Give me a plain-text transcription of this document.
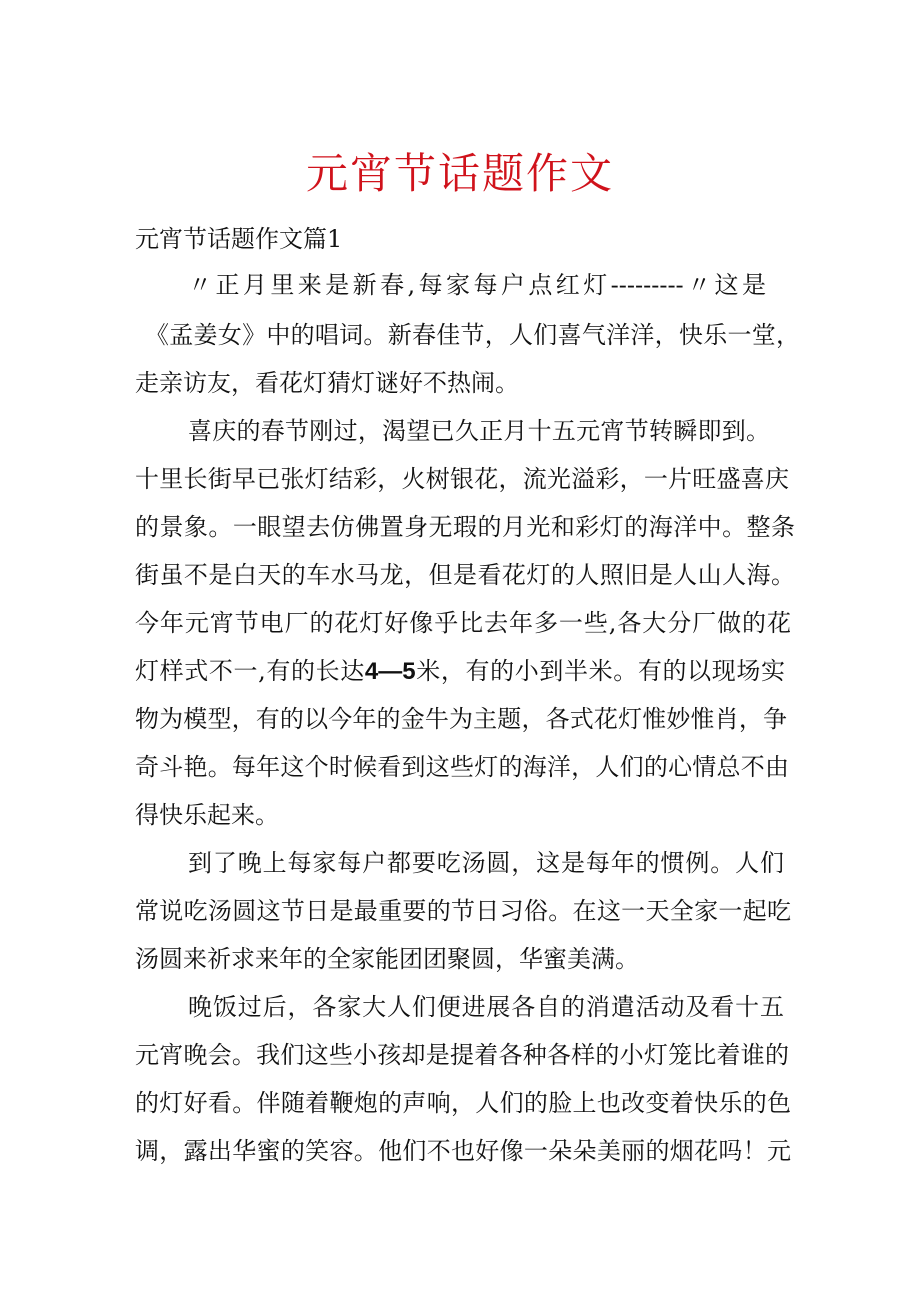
元宵节话题作文
元宵节话题作文篇1
〃正月里来是新春,每家每户点红灯---------〃这是
《孟姜女》中的唱词。新春佳节，人们喜气洋洋，快乐一堂，
走亲访友，看花灯猜灯谜好不热闹。
喜庆的春节刚过，渴望已久正月十五元宵节转瞬即到。
十里长街早已张灯结彩，火树银花，流光溢彩，一片旺盛喜庆
的景象。一眼望去仿佛置身无瑕的月光和彩灯的海洋中。整条
街虽不是白天的车水马龙，但是看花灯的人照旧是人山人海。
今年元宵节电厂的花灯好像乎比去年多一些,各大分厂做的花
灯样式不一,有的长达4—5米，有的小到半米。有的以现场实
物为模型，有的以今年的金牛为主题，各式花灯惟妙惟肖，争
奇斗艳。每年这个时候看到这些灯的海洋，人们的心情总不由
得快乐起来。
到了晚上每家每户都要吃汤圆，这是每年的惯例。人们
常说吃汤圆这节日是最重要的节日习俗。在这一天全家一起吃
汤圆来祈求来年的全家能团团聚圆，华蜜美满。
晚饭过后，各家大人们便进展各自的消遣活动及看十五
元宵晚会。我们这些小孩却是提着各种各样的小灯笼比着谁的
的灯好看。伴随着鞭炮的声响，人们的脸上也改变着快乐的色
调，露出华蜜的笑容。他们不也好像一朵朵美丽的烟花吗！元
